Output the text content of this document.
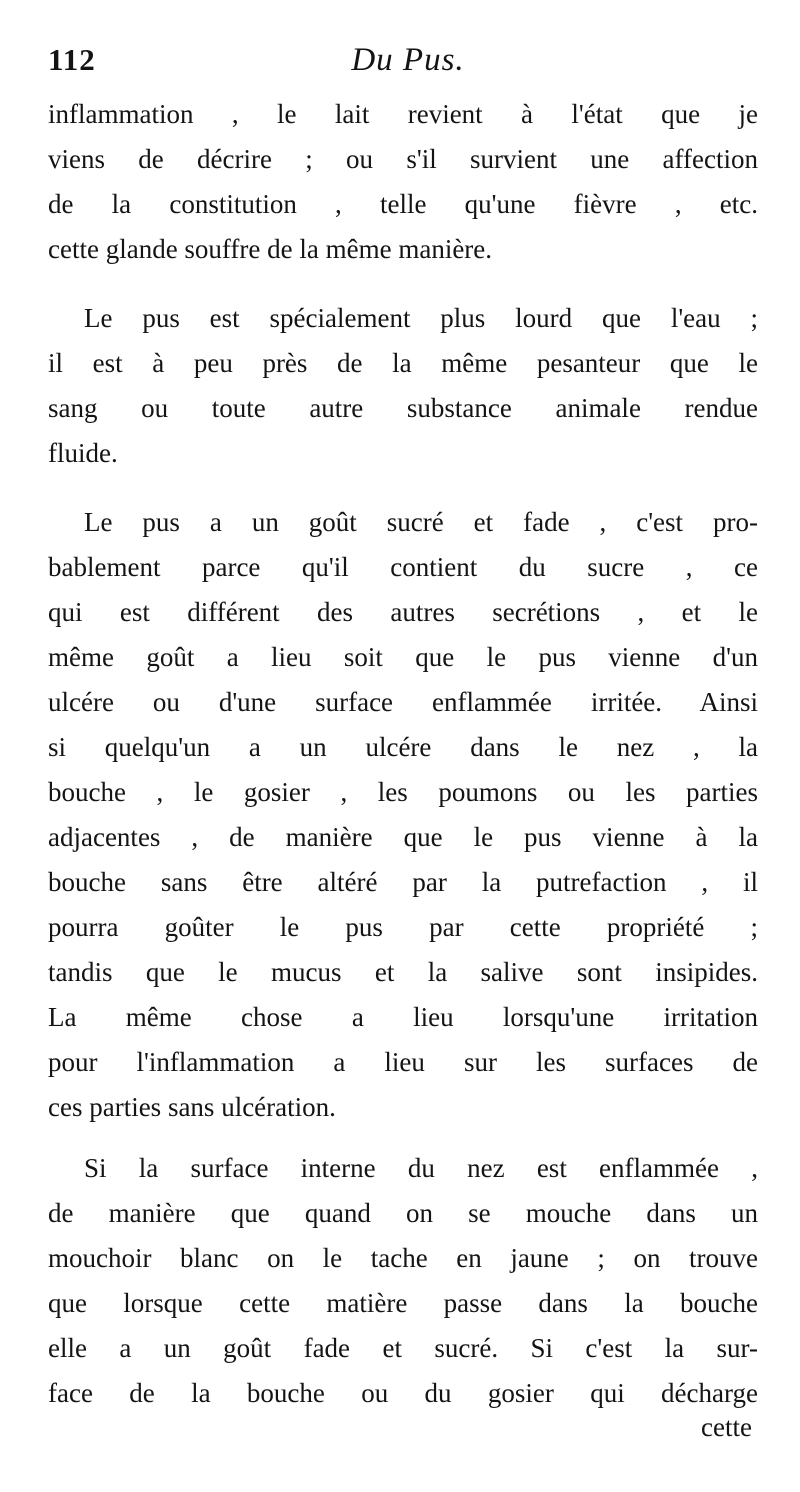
112	Du Pus.
inflammation , le lait revient à l'état que je
viens de décrire ; ou s'il survient une affection
de la constitution , telle qu'une fièvre , etc.
cette glande souffre de la même manière.
Le pus est spécialement plus lourd que l'eau ;
il est à peu près de la même pesanteur que le
sang ou toute autre substance animale rendue
fluide.
Le pus a un goût sucré et fade , c'est pro-
bablement parce qu'il contient du sucre , ce
qui est différent des autres secrétions , et le
même goût a lieu soit que le pus vienne d'un
ulcére ou d'une surface enflammée irritée. Ainsi
si quelqu'un a un ulcére dans le nez , la
bouche , le gosier , les poumons ou les parties
adjacentes , de manière que le pus vienne à la
bouche sans être altéré par la putrefaction , il
pourra goûter le pus par cette propriété ;
tandis que le mucus et la salive sont insipides.
La même chose a lieu lorsqu'une irritation
pour l'inflammation a lieu sur les surfaces de
ces parties sans ulcération.
Si la surface interne du nez est enflammée ,
de manière que quand on se mouche dans un
mouchoir blanc on le tache en jaune ; on trouve
que lorsque cette matière passe dans la bouche
elle a un goût fade et sucré. Si c'est la sur-
face de la bouche ou du gosier qui décharge
cette
